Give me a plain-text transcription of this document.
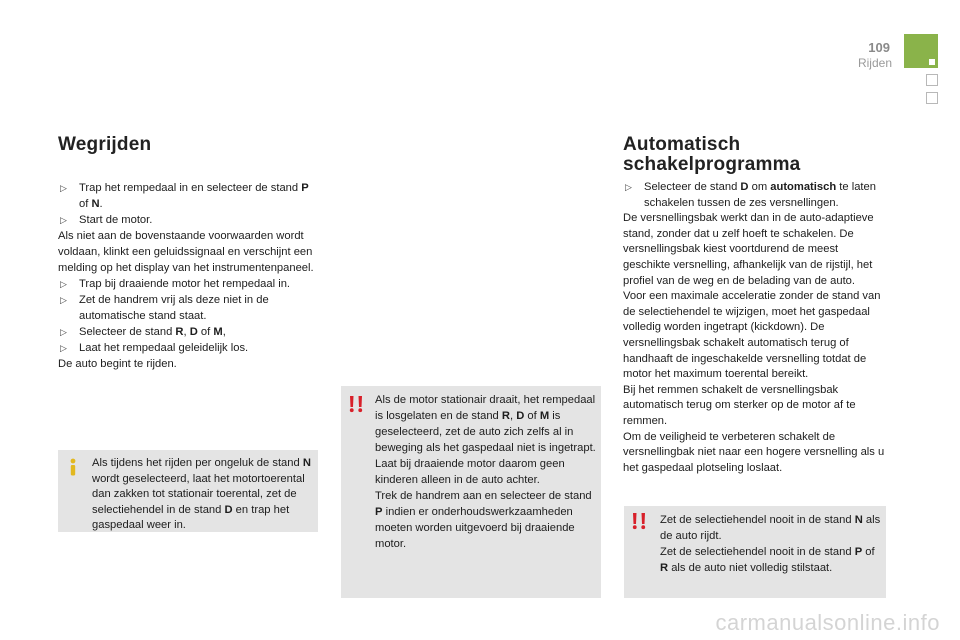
109
Rijden
Wegrijden

▷ Trap het rempedaal in en selecteer de stand P of N.

▷ Start de motor.

Als niet aan de bovenstaande voorwaarden wordt voldaan, klinkt een geluidssignaal en verschijnt een melding op het display van het instrumentenpaneel.

▷ Trap bij draaiende motor het rempedaal in.

▷ Zet de handrem vrij als deze niet in de automatische stand staat.

▷ Selecteer de stand R, D of M,

▷ Laat het rempedaal geleidelijk los.

De auto begint te rijden.

Als tijdens het rijden per ongeluk de stand N wordt geselecteerd, laat het motortoerental dan zakken tot stationair toerental, zet de selectiehendel in de stand D en trap het gaspedaal weer in.

Als de motor stationair draait, het rempedaal is losgelaten en de stand R, D of M is geselecteerd, zet de auto zich zelfs al in beweging als het gaspedaal niet is ingetrapt.

Laat bij draaiende motor daarom geen kinderen alleen in de auto achter.

Trek de handrem aan en selecteer de stand P indien er onderhoudswerkzaamheden moeten worden uitgevoerd bij draaiende motor.

Automatisch
schakelprogramma

▷ Selecteer de stand D om automatisch te laten schakelen tussen de zes versnellingen.

De versnellingsbak werkt dan in de auto-adaptieve stand, zonder dat u zelf hoeft te schakelen. De versnellingsbak kiest voortdurend de meest geschikte versnelling, afhankelijk van de rijstijl, het profiel van de weg en de belading van de auto.

Voor een maximale acceleratie zonder de stand van de selectiehendel te wijzigen, moet het gaspedaal volledig worden ingetrapt (kickdown). De versnellingsbak schakelt automatisch terug of handhaaft de ingeschakelde versnelling totdat de motor het maximum toerental bereikt.

Bij het remmen schakelt de versnellingsbak automatisch terug om sterker op de motor af te remmen.

Om de veiligheid te verbeteren schakelt de versnellingbak niet naar een hogere versnelling als u het gaspedaal plotseling loslaat.

Zet de selectiehendel nooit in de stand N als de auto rijdt.

Zet de selectiehendel nooit in de stand P of R als de auto niet volledig stilstaat.

carmanualsonline.info
